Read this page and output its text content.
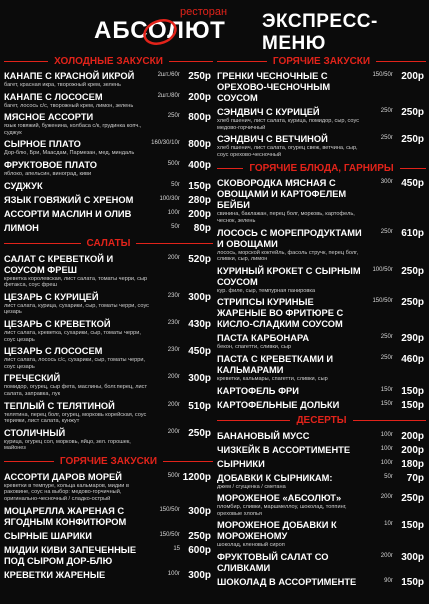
ресторан
АБСОЛЮТ ЭКСПРЕСС-МЕНЮ
ХОЛОДНЫЕ ЗАКУСКИ
КАНАПЕ С КРАСНОЙ ИКРОЙ
багет, красная икра, творожный крем, зелень
2шт./60г 250р
КАНАПЕ С ЛОСОСЕМ
багет, лосось с/с, творожный крем, лимон, зелень
2шт./80г 200р
МЯСНОЕ АССОРТИ
язык говяжий, буженина, колбаса с/к, грудинка копч., суджук
250г 800р
СЫРНОЕ ПЛАТО
Дор-блю, Бри, Маасдам, Пармезан, мед, миндаль
160/30/10г 800р
ФРУКТОВОЕ ПЛАТО
яблоко, апельсин, виноград, киви
500г 400р
СУДЖУК	50г 150р
ЯЗЫК ГОВЯЖИЙ С ХРЕНОМ	100/30г 280р
АССОРТИ МАСЛИН И ОЛИВ	100г 200р
ЛИМОН	50г 80р
САЛАТЫ
САЛАТ С КРЕВЕТКОЙ И СОУСОМ ФРЕШ
креветка королевская, лист салата, томаты черри, сыр фетакса, соус фреш
200г 520р
ЦЕЗАРЬ С КУРИЦЕЙ
лист салата, курица, сухарики, сыр, томаты черри, соус цезарь
230г 300р
ЦЕЗАРЬ С КРЕВЕТКОЙ
лист салата, креветка, сухарики, сыр, томаты черри, соус цезарь
230г 430р
ЦЕЗАРЬ С ЛОСОСЕМ
лист салата, лосось с/с, сухарики, сыр, томаты черри, соус цезарь
230г 450р
ГРЕЧЕСКИЙ
помидор, огурец, сыр фета, маслины, болг.перец, лист салата, заправка, лук
200г 300р
ТЕПЛЫЙ С ТЕЛЯТИНОЙ
телятина, перец болг, огурец, морковь корейская, соус терияки, лист салата, кунжут
200г 510р
СТОЛИЧНЫЙ
курица, огурец сол, морковь, яйцо, зел. горошек, майонез
200г 250р
ГОРЯЧИЕ ЗАКУСКИ
АССОРТИ ДАРОВ МОРЕЙ
креветки в темпуре, кольца кальмаров, мидии в раковине, соус на выбор: медово-горчичный, оригинально-чесночный / сладко-острый
500г 1200р
МОЦАРЕЛЛА ЖАРЕНАЯ С ЯГОДНЫМ КОНФИТЮРОМ
150/50г 300р
СЫРНЫЕ ШАРИКИ	150/50г 250р
МИДИИ КИВИ ЗАПЕЧЕННЫЕ ПОД СЫРОМ ДОР-БЛЮ
15 600р
КРЕВЕТКИ ЖАРЕНЫЕ	100г 300р
ГОРЯЧИЕ ЗАКУСКИ
ГРЕНКИ ЧЕСНОЧНЫЕ С ОРЕХОВО-ЧЕСНОЧНЫМ СОУСОМ
150/50г 200р
СЭНДВИЧ С КУРИЦЕЙ
хлеб пшенич, лист салата, курица, помидор, сыр, соус медово-горчичный
250г 250р
СЭНДВИЧ С ВЕТЧИНОЙ
хлеб пшенич, лист салата, огурец свеж, ветчина, сыр, соус орехово-чесночный
250г 250р
ГОРЯЧИЕ БЛЮДА, ГАРНИРЫ
СКОВОРОДКА МЯСНАЯ С ОВОЩАМИ И КАРТОФЕЛЕМ БЕЙБИ
свинина, баклажан, перец болг, морковь, картофель, чеснок, зелень
300г 450р
ЛОСОСЬ С МОРЕПРОДУКТАМИ И ОВОЩАМИ
лосось, морской коктейль, фасоль стручк, перец болг, сливки, сыр, лимон
250г 610р
КУРИНЫЙ КРОКЕТ С СЫРНЫМ СОУСОМ
кур. филе, сыр, темпурная панировка
100/50г 250р
СТРИПСЫ КУРИНЫЕ ЖАРЕНЫЕ ВО ФРИТЮРЕ С КИСЛО-СЛАДКИМ СОУСОМ
150/50г 250р
ПАСТА КАРБОНАРА
бекон, спагетти, сливки, сыр
250г 290р
ПАСТА С КРЕВЕТКАМИ И КАЛЬМАРАМИ
креветки, кальмары, спагетти, сливки, сыр
250г 460р
КАРТОФЕЛЬ ФРИ	150г 150р
КАРТОФЕЛЬНЫЕ ДОЛЬКИ	150г 150р
ДЕСЕРТЫ
БАНАНОВЫЙ МУСС	100г 200р
ЧИЗКЕЙК В АССОРТИМЕНТЕ	100г 200р
СЫРНИКИ	100г 180р
ДОБАВКИ К СЫРНИКАМ:
джем / сгущенка / сметана
50г 70р
МОРОЖЕНОЕ «АБСОЛЮТ»
пломбир, сливки, маршмеллоу, шоколад, топпинг, ореховые хлопья
200г 250р
МОРОЖЕНОЕ ДОБАВКИ К МОРОЖЕНОМУ
шоколад, кленовый сироп
10г 150р
ФРУКТОВЫЙ САЛАТ СО СЛИВКАМИ
200г 300р
ШОКОЛАД В АССОРТИМЕНТЕ	90г 150р
